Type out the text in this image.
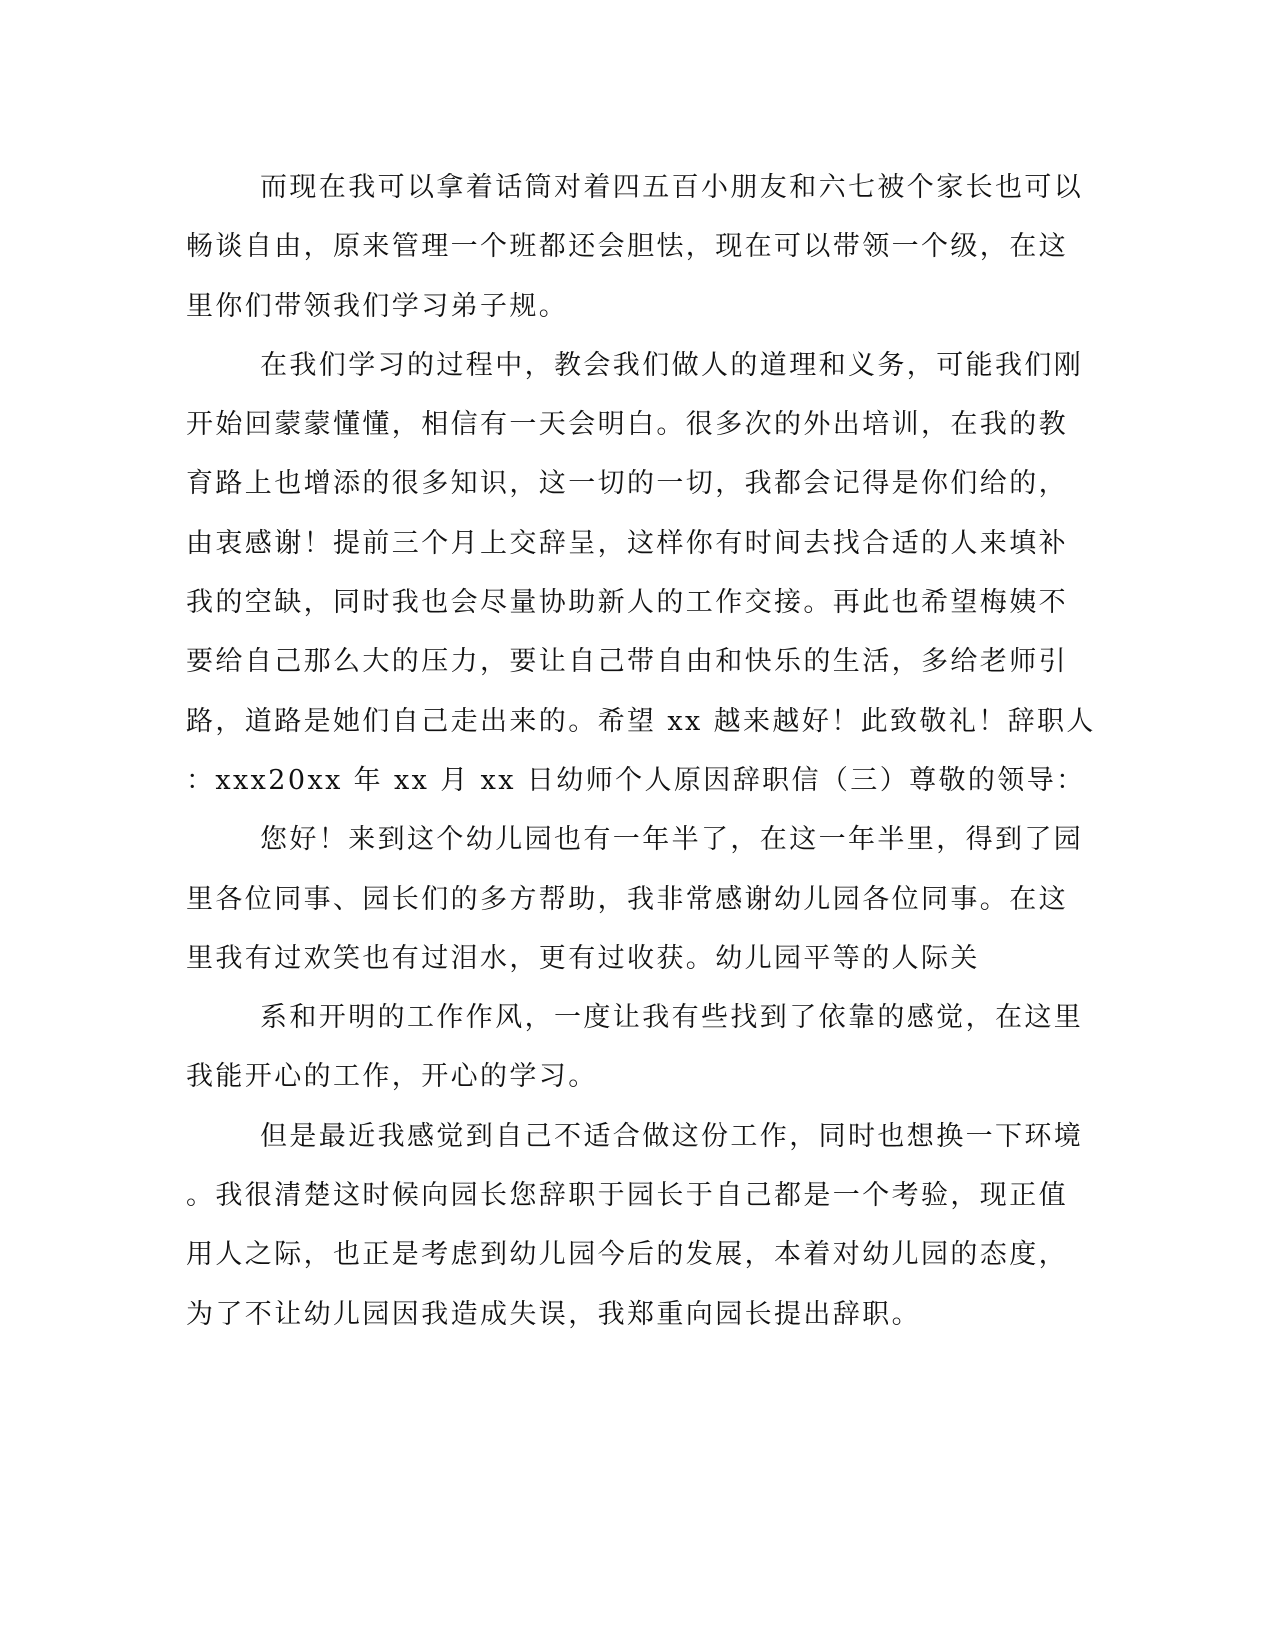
而现在我可以拿着话筒对着四五百小朋友和六七被个家长也可以
畅谈自由，原来管理一个班都还会胆怯，现在可以带领一个级，在这
里你们带领我们学习弟子规。
在我们学习的过程中，教会我们做人的道理和义务，可能我们刚
开始回蒙蒙懂懂，相信有一天会明白。很多次的外出培训，在我的教
育路上也增添的很多知识，这一切的一切，我都会记得是你们给的，
由衷感谢！提前三个月上交辞呈，这样你有时间去找合适的人来填补
我的空缺，同时我也会尽量协助新人的工作交接。再此也希望梅姨不
要给自己那么大的压力，要让自己带自由和快乐的生活，多给老师引
路，道路是她们自己走出来的。希望 xx 越来越好！此致敬礼！辞职人
：xxx20xx 年 xx 月 xx 日幼师个人原因辞职信（三）尊敬的领导：
您好！来到这个幼儿园也有一年半了，在这一年半里，得到了园
里各位同事、园长们的多方帮助，我非常感谢幼儿园各位同事。在这
里我有过欢笑也有过泪水，更有过收获。幼儿园平等的人际关
系和开明的工作作风，一度让我有些找到了依靠的感觉，在这里
我能开心的工作，开心的学习。
但是最近我感觉到自己不适合做这份工作，同时也想换一下环境
。我很清楚这时候向园长您辞职于园长于自己都是一个考验，现正值
用人之际，也正是考虑到幼儿园今后的发展，本着对幼儿园的态度，
为了不让幼儿园因我造成失误，我郑重向园长提出辞职。
